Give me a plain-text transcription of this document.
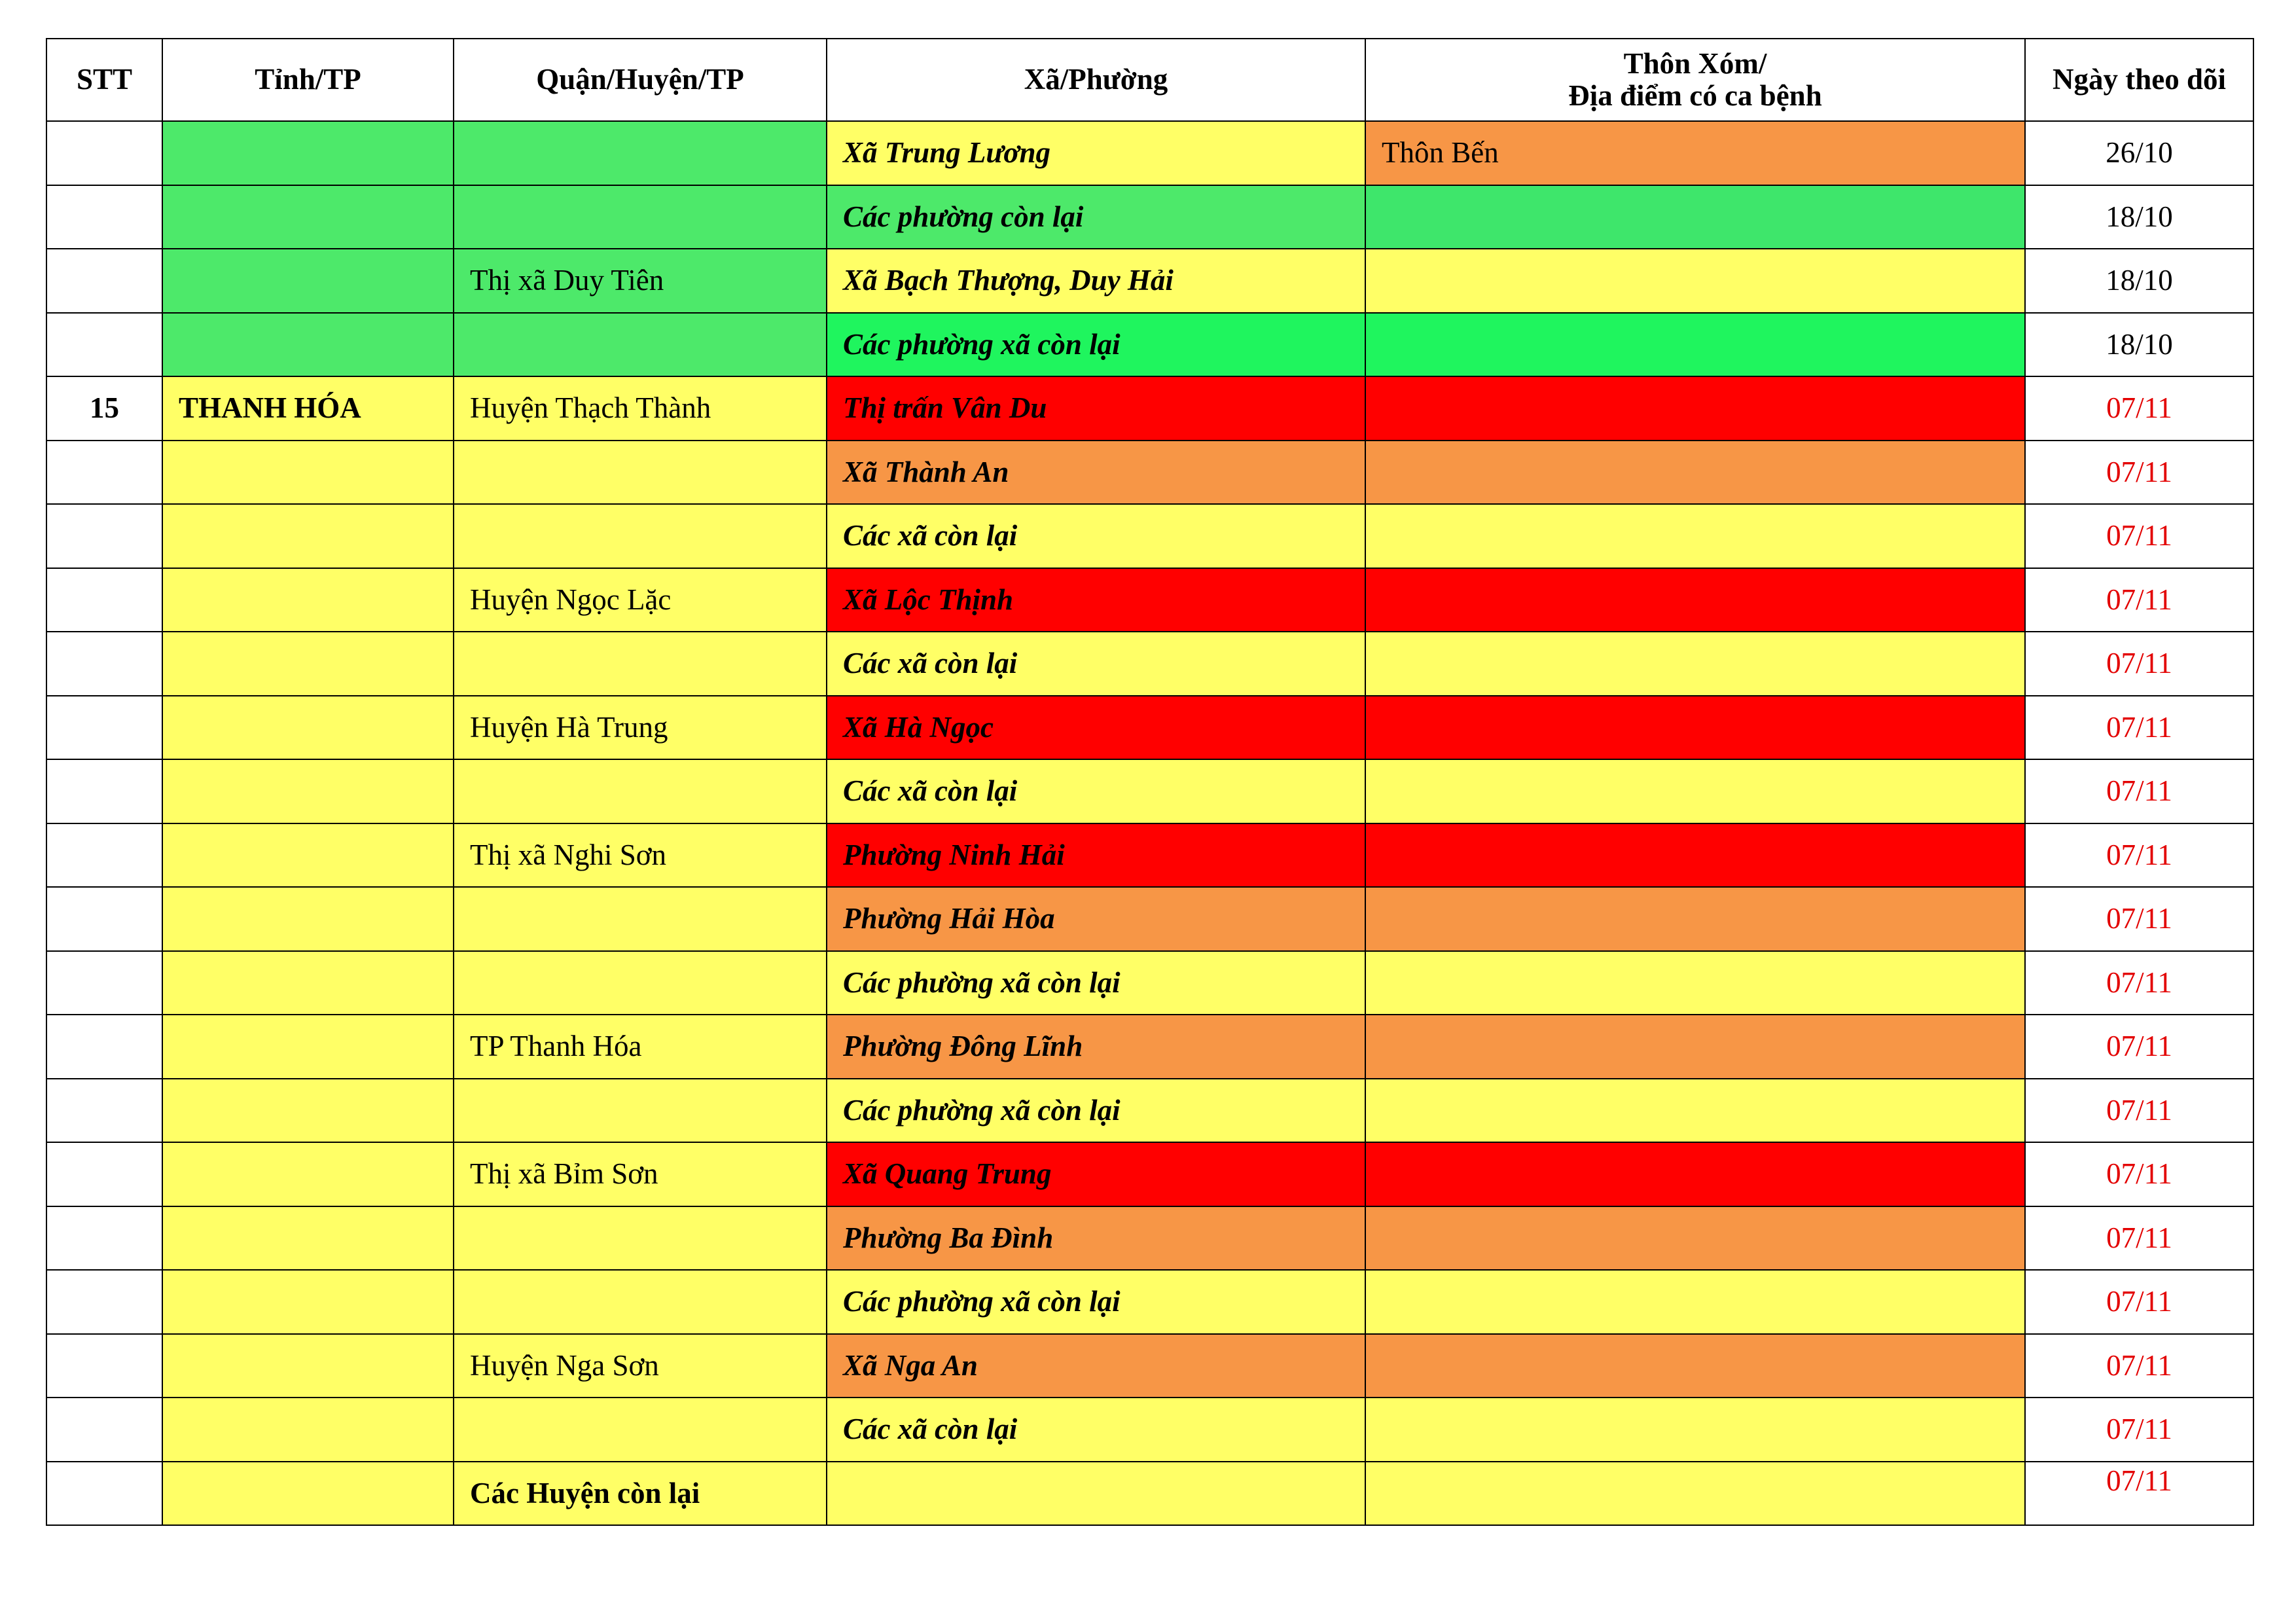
STT	Tỉnh/TP	Quận/Huyện/TP	Xã/Phường	Thôn Xóm/
Địa điểm có ca bệnh	Ngày theo dõi
			Xã Trung Lương	Thôn Bến	26/10
			Các phường còn lại		18/10
		Thị xã Duy Tiên	Xã Bạch Thượng, Duy Hải		18/10
			Các phường xã còn lại		18/10
15	THANH HÓA	Huyện Thạch Thành	Thị trấn Vân Du		07/11
			Xã Thành An		07/11
			Các xã còn lại		07/11
		Huyện Ngọc Lặc	Xã Lộc Thịnh		07/11
			Các xã còn lại		07/11
		Huyện Hà Trung	Xã Hà Ngọc		07/11
			Các xã còn lại		07/11
		Thị xã Nghi Sơn	Phường Ninh Hải		07/11
			Phường Hải Hòa		07/11
			Các phường xã còn lại		07/11
		TP Thanh Hóa	Phường Đông Lĩnh		07/11
			Các phường xã còn lại		07/11
		Thị xã Bỉm Sơn	Xã Quang Trung		07/11
			Phường Ba Đình		07/11
			Các phường xã còn lại		07/11
		Huyện Nga Sơn	Xã Nga An		07/11
			Các xã còn lại		07/11
		Các Huyện còn lại			07/11
